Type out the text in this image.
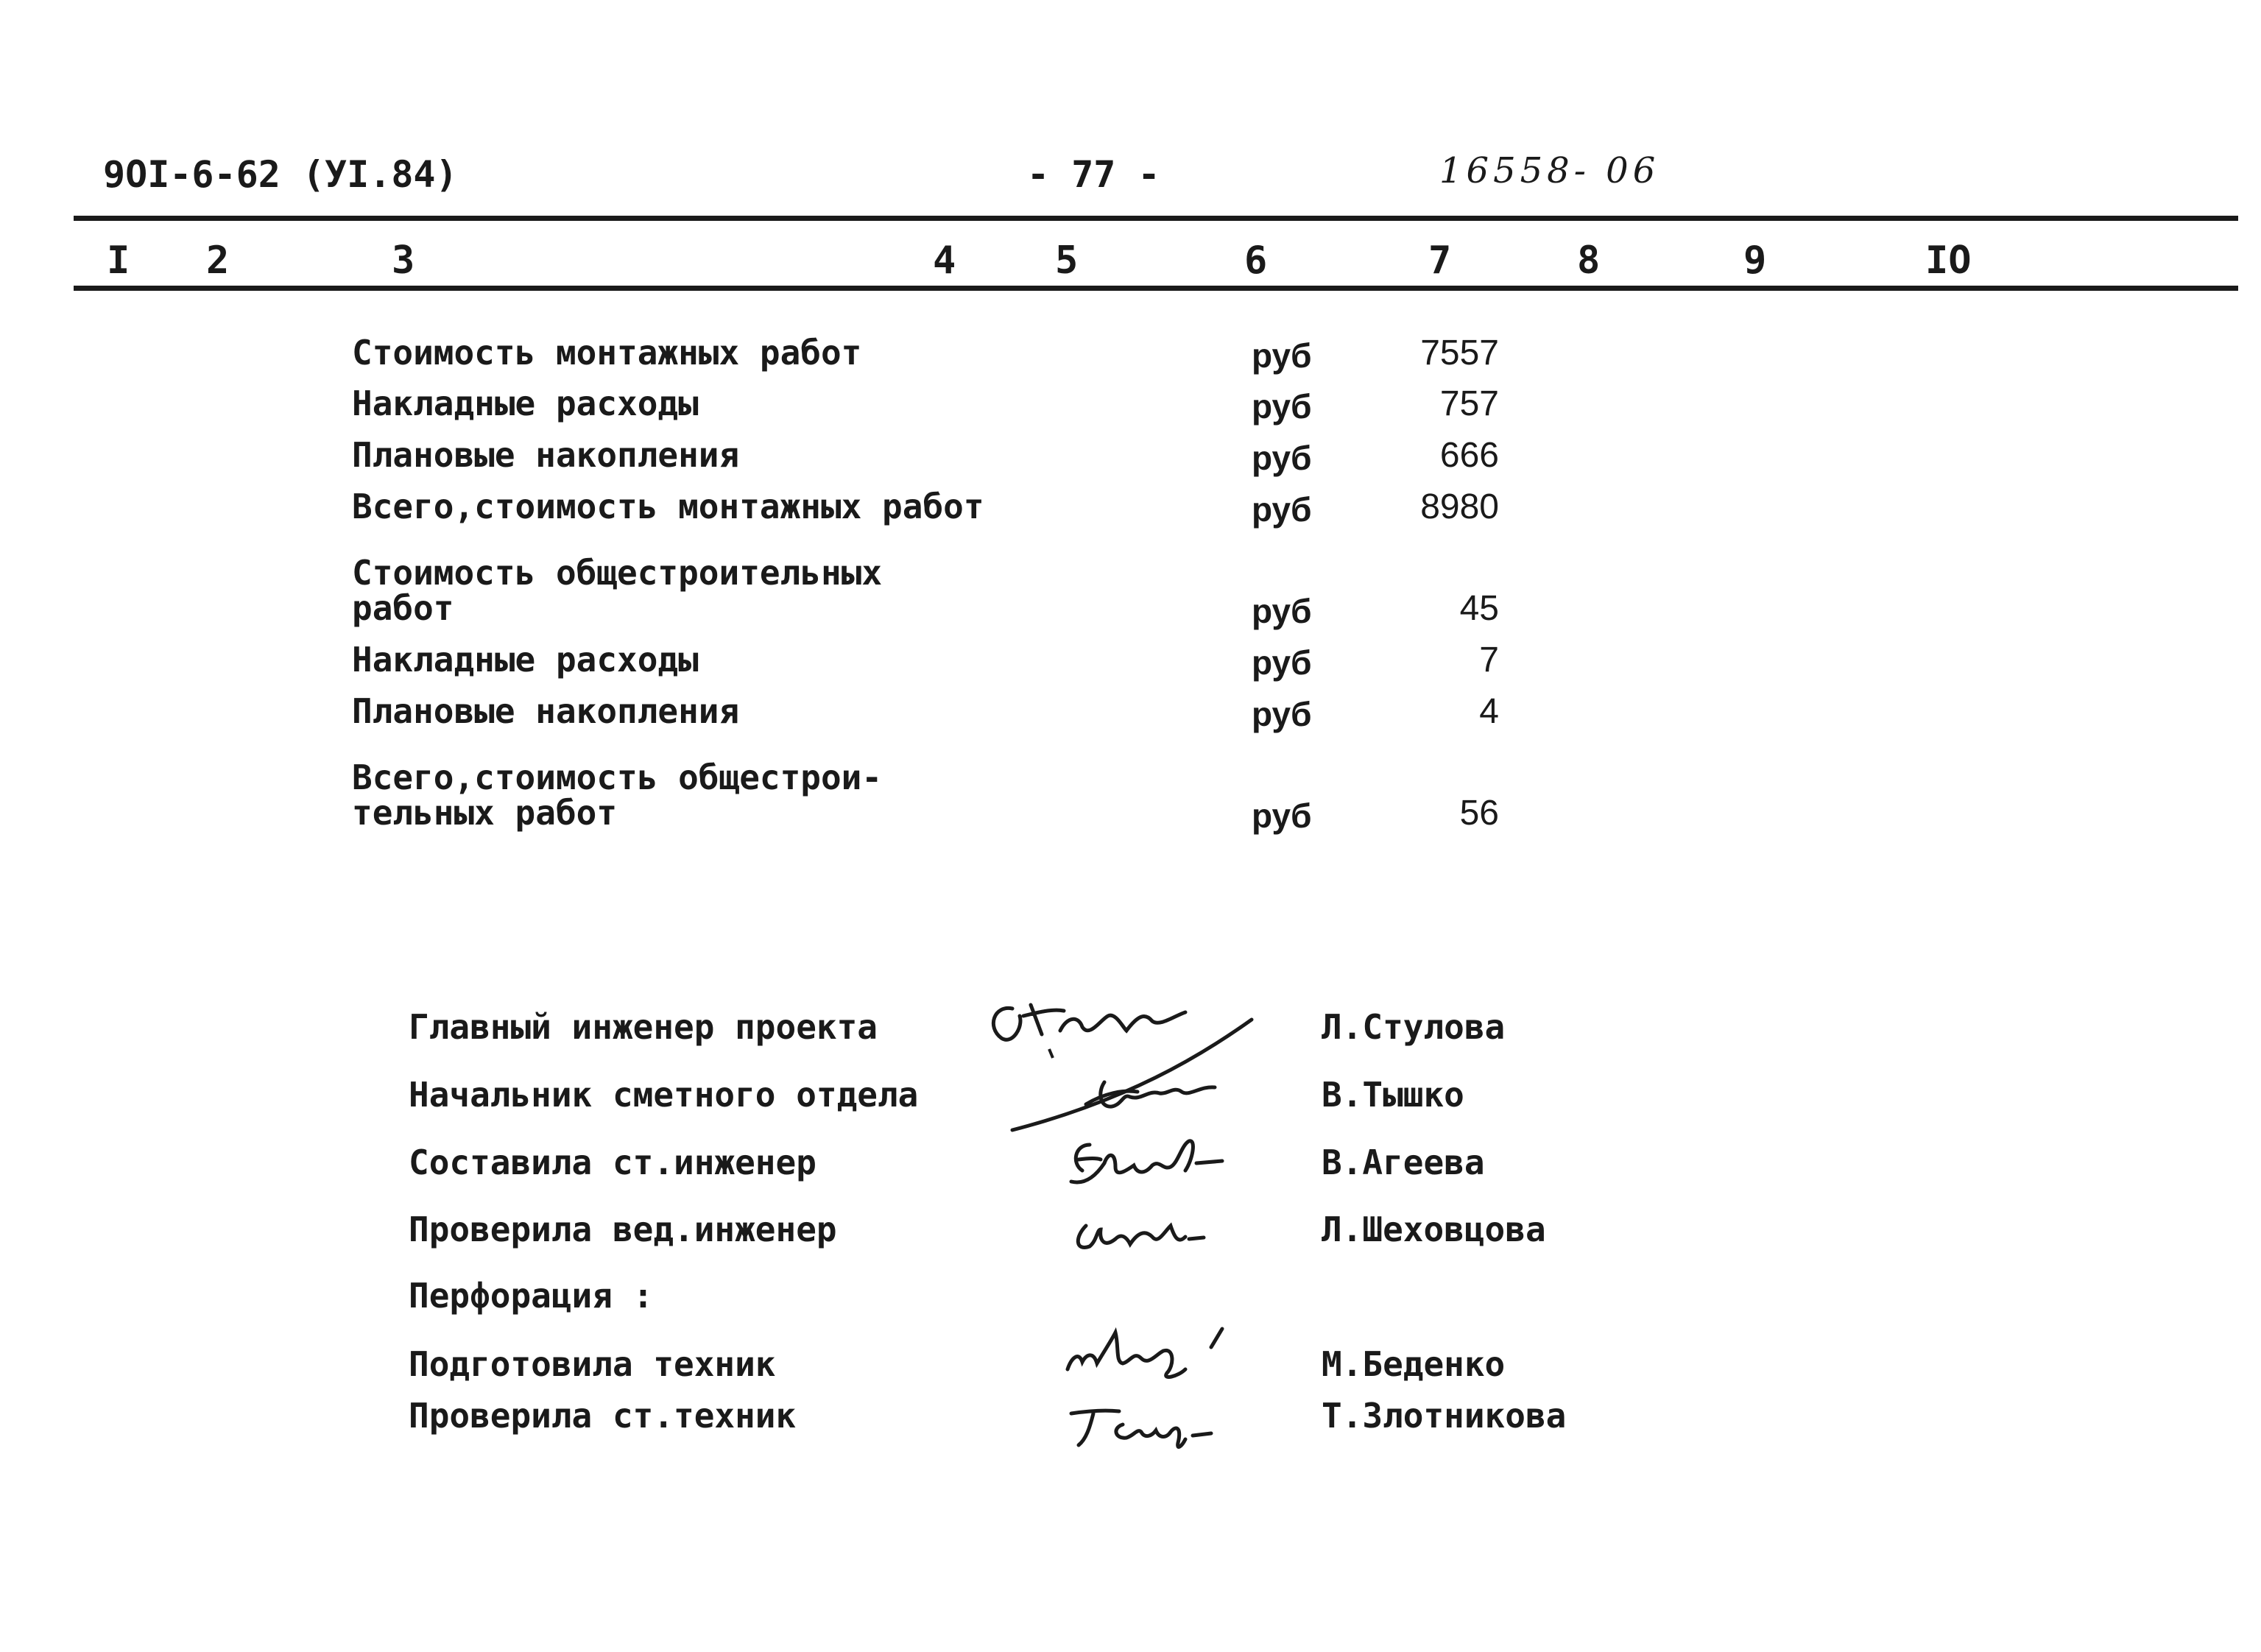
9OI-6-62 (УI.84)	- 77 -	16558- 06
I 2	3	4	5	6	7	8	9	IO
Стоимость монтажных работ	руб	7557
Накладные расходы	руб	757
Плановые накопления	руб	666
Всего,стоимость монтажных работ	руб	8980
Стоимость общестроительных
работ	руб	45
Накладные расходы	руб	7
Плановые накопления	руб	4
Всего,стоимость общестрои-
тельных работ	руб	56
Главный инженер проекта	Л.Стулова
Начальник сметного отдела	В.Тышко
Составила ст.инженер	В.Агеева
Проверила вед.инженер	Л.Шеховцова
Перфорация :
Подготовила техник	М.Беденко
Проверила ст.техник	Т.Злотникова
